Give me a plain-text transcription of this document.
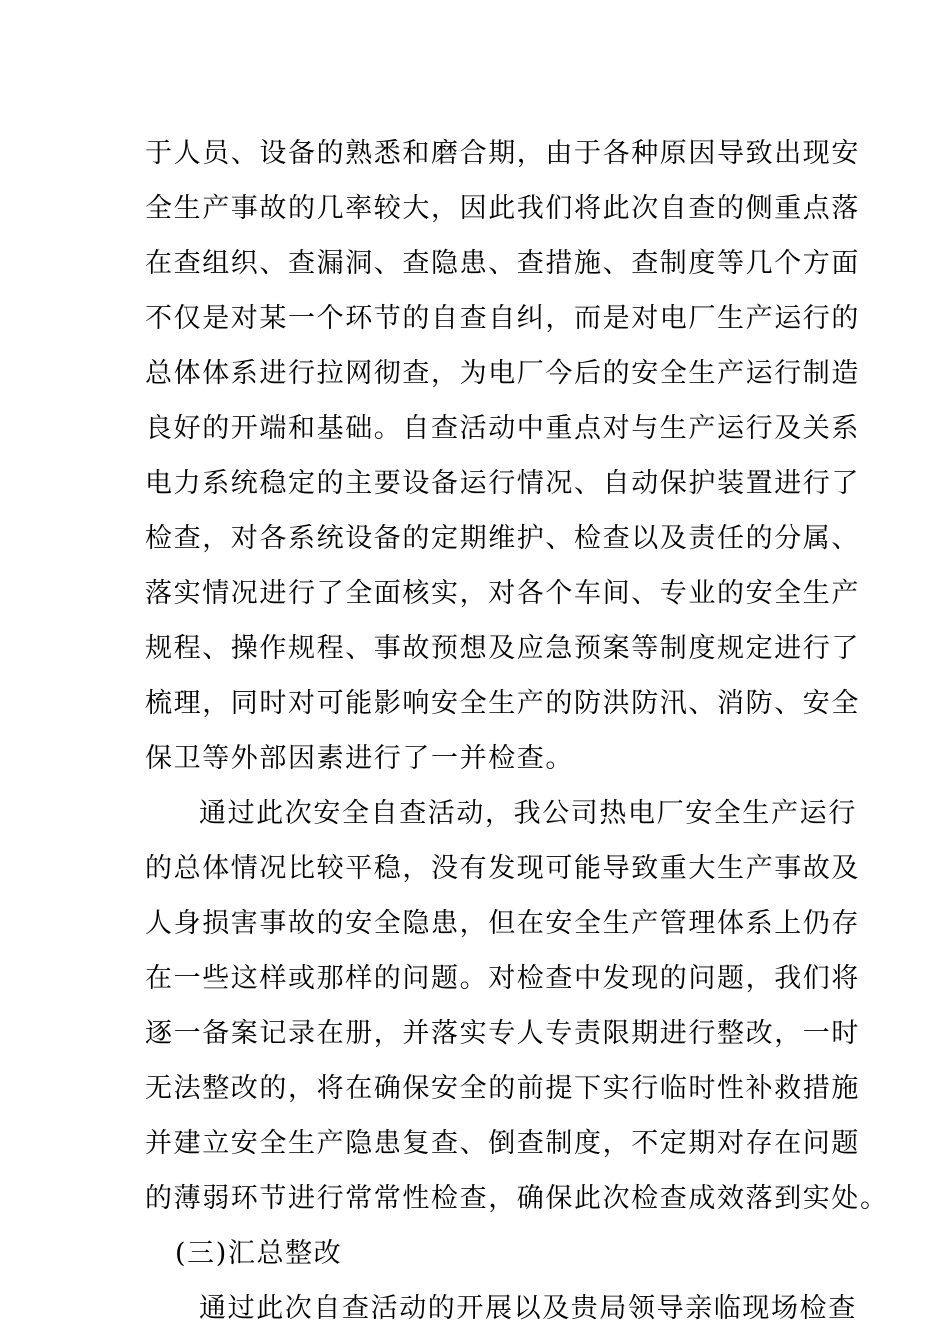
于人员、设备的熟悉和磨合期，由于各种原因导致出现安
全生产事故的几率较大，因此我们将此次自查的侧重点落
在查组织、查漏洞、查隐患、查措施、查制度等几个方面
不仅是对某一个环节的自查自纠，而是对电厂生产运行的
总体体系进行拉网彻查，为电厂今后的安全生产运行制造
良好的开端和基础。自查活动中重点对与生产运行及关系
电力系统稳定的主要设备运行情况、自动保护装置进行了
检查，对各系统设备的定期维护、检查以及责任的分属、
落实情况进行了全面核实，对各个车间、专业的安全生产
规程、操作规程、事故预想及应急预案等制度规定进行了
梳理，同时对可能影响安全生产的防洪防汛、消防、安全
保卫等外部因素进行了一并检查。
通过此次安全自查活动，我公司热电厂安全生产运行
的总体情况比较平稳，没有发现可能导致重大生产事故及
人身损害事故的安全隐患，但在安全生产管理体系上仍存
在一些这样或那样的问题。对检查中发现的问题，我们将
逐一备案记录在册，并落实专人专责限期进行整改，一时
无法整改的，将在确保安全的前提下实行临时性补救措施
并建立安全生产隐患复查、倒查制度，不定期对存在问题
的薄弱环节进行常常性检查，确保此次检查成效落到实处。
(三)汇总整改
通过此次自查活动的开展以及贵局领导亲临现场检查
